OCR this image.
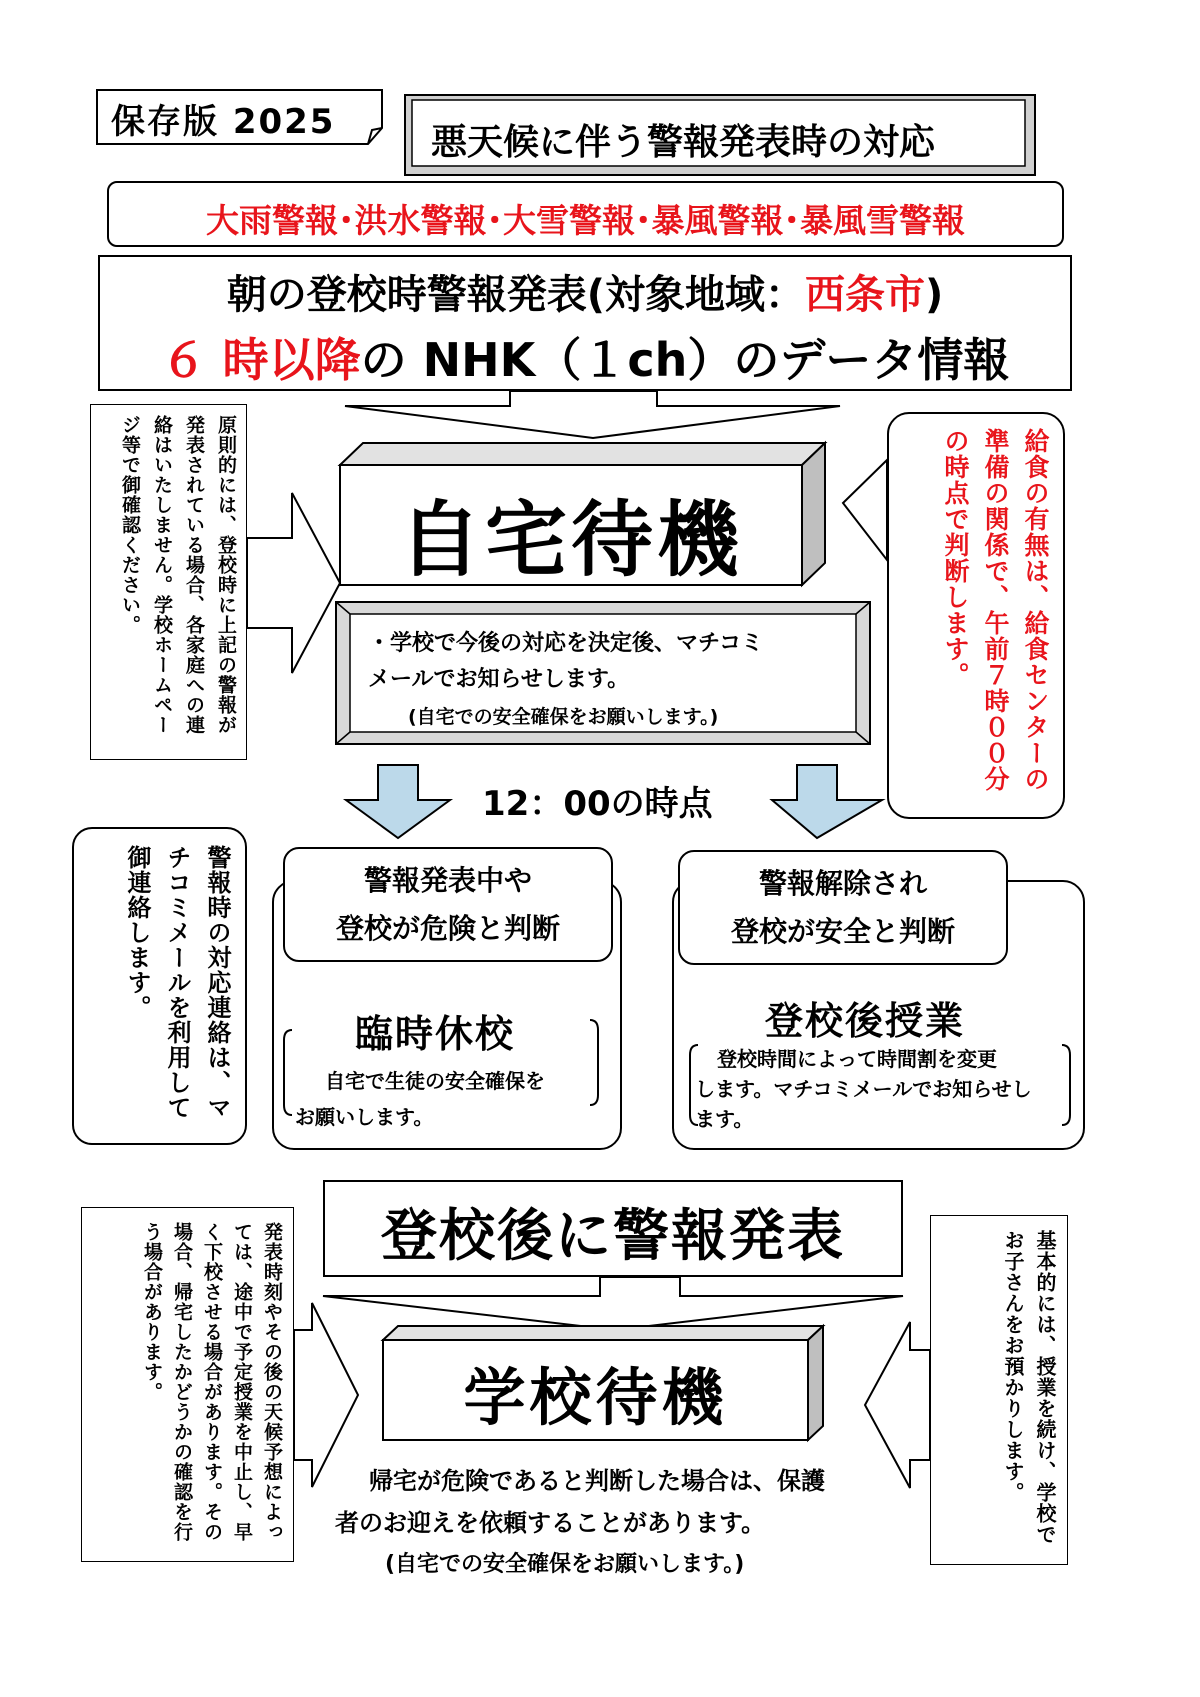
保存版 2025	悪天候に伴う警報発表時の対応
大雨警報･洪水警報･大雪警報･暴風警報･暴風雪警報
朝の登校時警報発表(対象地域：西条市)
６ 時以降の NHK（１ch）のデータ情報
自宅待機
・学校で今後の対応を決定後、マチコミ
メールでお知らせします。
(自宅での安全確保をお願いします。)
12：00の時点
警報発表中や
登校が危険と判断
警報解除され
登校が安全と判断
臨時休校
自宅で生徒の安全確保を
お願いします。
登校後授業
登校時間によって時間割を変更
します。マチコミメールでお知らせし
ます。
登校後に警報発表
学校待機
帰宅が危険であると判断した場合は、保護
者のお迎えを依頼することがあります。
(自宅での安全確保をお願いします。)
原則的には、登校時に上記の警報が発表されている場合、各家庭への連絡はいたしません。学校ホームページ等で御確認ください。
警報時の対応連絡は、マチコミメールを利用して御連絡します。
発表時刻やその後の天候予想によっては、途中で予定授業を中止し、早く下校させる場合があります。その場合、帰宅したかどうかの確認を行う場合があります。
給食の有無は、給食センターの準備の関係で、午前７時００分の時点で判断します。
基本的には、授業を続け、学校でお子さんをお預かりします。
